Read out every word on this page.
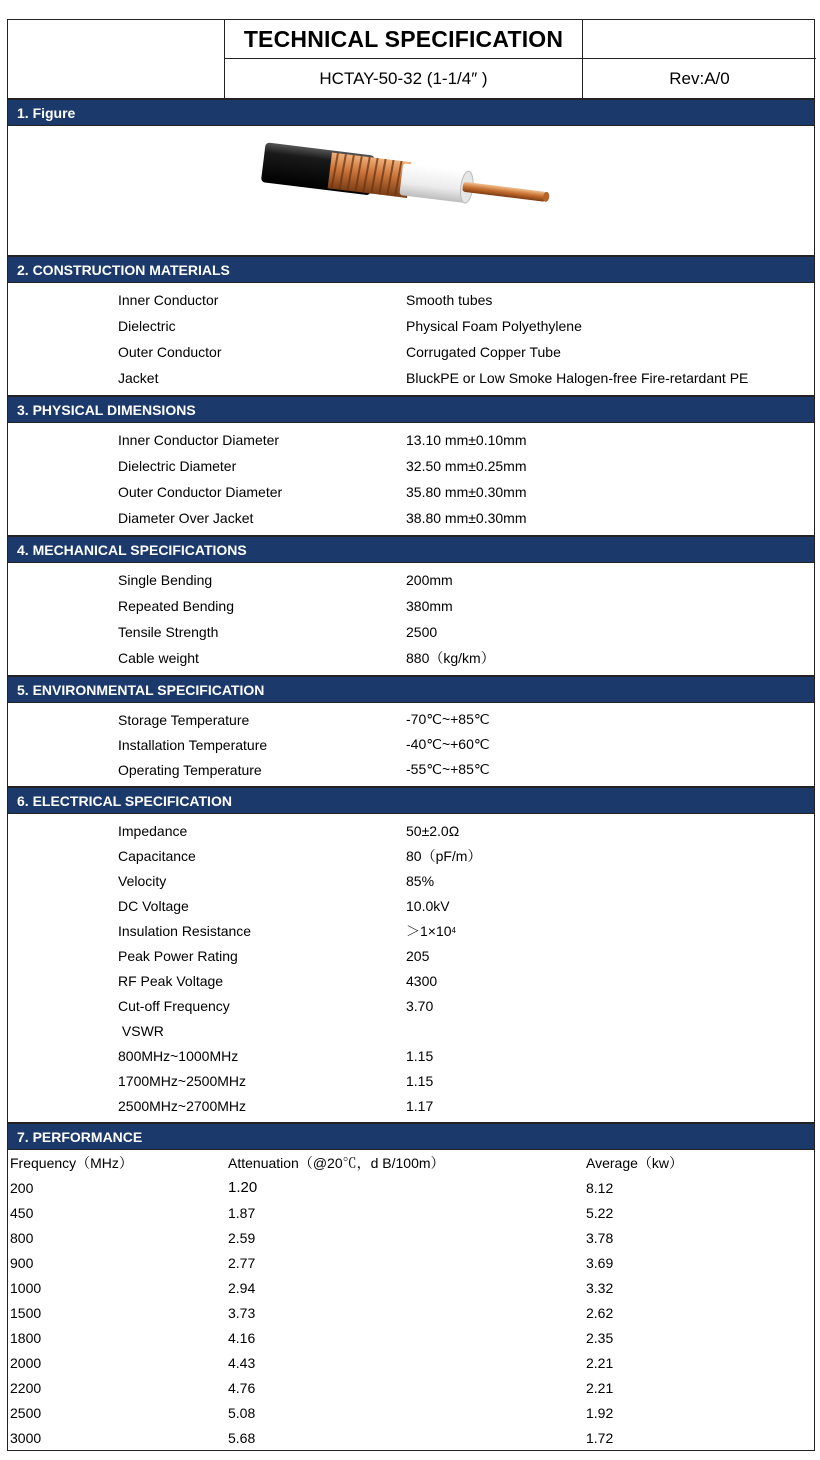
TECHNICAL SPECIFICATION
HCTAY-50-32 (1-1/4″ )	Rev:A/0
1. Figure
2. CONSTRUCTION MATERIALS
Inner Conductor	Smooth tubes
Dielectric	Physical Foam Polyethylene
Outer Conductor	Corrugated Copper Tube
Jacket	BluckPE or Low Smoke Halogen-free Fire-retardant PE
3. PHYSICAL DIMENSIONS
Inner Conductor Diameter	13.10 mm±0.10mm
Dielectric Diameter	32.50 mm±0.25mm
Outer Conductor Diameter	35.80 mm±0.30mm
Diameter Over Jacket	38.80 mm±0.30mm
4. MECHANICAL SPECIFICATIONS
Single Bending	200mm
Repeated Bending	380mm
Tensile Strength	2500
Cable weight	880（kg/km）
5. ENVIRONMENTAL SPECIFICATION
Storage Temperature	-70℃~+85℃
Installation Temperature	-40℃~+60℃
Operating Temperature	-55℃~+85℃
6. ELECTRICAL SPECIFICATION
Impedance	50±2.0Ω
Capacitance	80（pF/m）
Velocity	85%
DC Voltage	10.0kV
Insulation Resistance	＞1×10 4
Peak Power Rating	205
RF Peak Voltage	4300
Cut-off Frequency	3.70
VSWR
800MHz~1000MHz	1.15
1700MHz~2500MHz	1.15
2500MHz~2700MHz	1.17
7. PERFORMANCE
Frequency（MHz）	Attenuation（@20℃，d B/100m）	Average（kw）
200	1.20	8.12
450	1.87	5.22
800	2.59	3.78
900	2.77	3.69
1000	2.94	3.32
1500	3.73	2.62
1800	4.16	2.35
2000	4.43	2.21
2200	4.76	2.21
2500	5.08	1.92
3000	5.68	1.72
